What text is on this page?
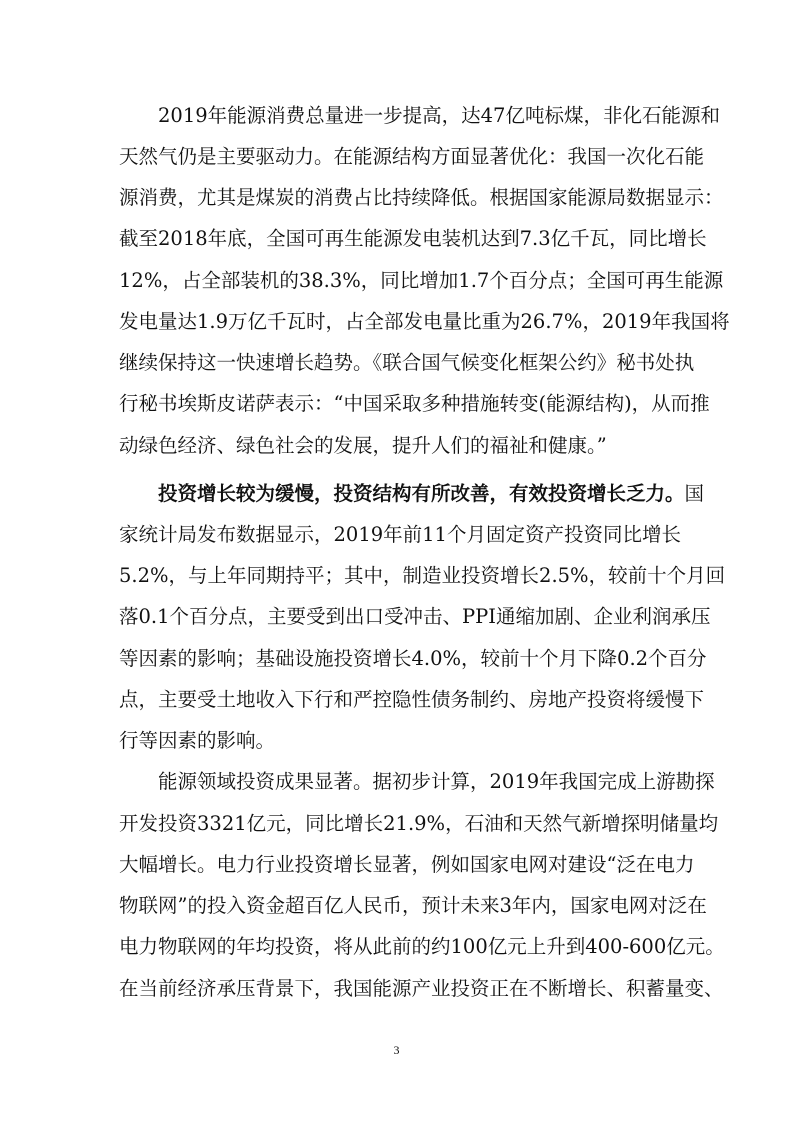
2019年能源消费总量进一步提高，达47亿吨标煤，非化石能源和
天然气仍是主要驱动力。在能源结构方面显著优化：我国一次化石能
源消费，尤其是煤炭的消费占比持续降低。根据国家能源局数据显示：
截至2018年底，全国可再生能源发电装机达到7.3亿千瓦，同比增长
12%，占全部装机的38.3%，同比增加1.7个百分点；全国可再生能源
发电量达1.9万亿千瓦时，占全部发电量比重为26.7%，2019年我国将
继续保持这一快速增长趋势。《联合国气候变化框架公约》秘书处执
行秘书埃斯皮诺萨表示：“中国采取多种措施转变(能源结构)，从而推
动绿色经济、绿色社会的发展，提升人们的福祉和健康。”
投资增长较为缓慢，投资结构有所改善，有效投资增长乏力。国
家统计局发布数据显示，2019年前11个月固定资产投资同比增长
5.2%，与上年同期持平；其中，制造业投资增长2.5%，较前十个月回
落0.1个百分点，主要受到出口受冲击、PPI通缩加剧、企业利润承压
等因素的影响；基础设施投资增长4.0%，较前十个月下降0.2个百分
点，主要受土地收入下行和严控隐性债务制约、房地产投资将缓慢下
行等因素的影响。
能源领域投资成果显著。据初步计算，2019年我国完成上游勘探
开发投资3321亿元，同比增长21.9%，石油和天然气新增探明储量均
大幅增长。电力行业投资增长显著，例如国家电网对建设“泛在电力
物联网”的投入资金超百亿人民币，预计未来3年内，国家电网对泛在
电力物联网的年均投资，将从此前的约100亿元上升到400-600亿元。
在当前经济承压背景下，我国能源产业投资正在不断增长、积蓄量变、
3
